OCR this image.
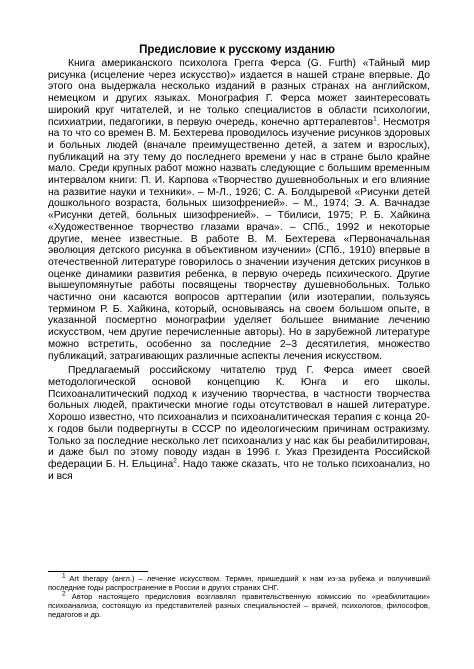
Предисловие к русскому изданию

Книга американского психолога Грегга Ферса (G. Furth) «Тайный мир рисунка (исцеление через искусство)» издается в нашей стране впервые. До этого она выдержала несколько изданий в разных странах на английском, немецком и других языках. Монография Г. Ферса может заинтересовать широкий круг читателей, и не только специалистов в области психологии, психиатрии, педагогики, в первую очередь, конечно арттерапевтов$^1$. Несмотря на то что со времен В. М. Бехтерева проводилось изучение рисунков здоровых и больных людей (вначале преимущественно детей, а затем и взрослых), публикаций на эту тему до последнего времени у нас в стране было крайне мало. Среди крупных работ можно назвать следующие с большим временным интервалом книги: П. И. Карпова «Творчество душевнобольных и его влияние на развитие науки и техники». – М-Л., 1926; С. А. Болдыревой «Рисунки детей дошкольного возраста, больных шизофренией». – М., 1974; Э. А. Вачнадзе «Рисунки детей, больных шизофренией». – Тбилиси, 1975; Р. Б. Хайкина «Художественное творчество глазами врача». – СПб., 1992 и некоторые другие, менее известные. В работе В. М. Бехтерева «Первоначальная эволюция детского рисунка в объективном изучении» (СПб., 1910) впервые в отечественной литературе говорилось о значении изучения детских рисунков в оценке динамики развития ребенка, в первую очередь психического. Другие вышеупомянутые работы посвящены творчеству душевнобольных. Только частично они касаются вопросов арттерапии (или изотерапии, пользуясь термином Р. Б. Хайкина, который, основываясь на своем большом опыте, в указанной посмертно монографии уделяет большее внимание лечению искусством, чем другие перечисленные авторы). Но в зарубежной литературе можно встретить, особенно за последние 2–3 десятилетия, множество публикаций, затрагивающих различные аспекты лечения искусством.

Предлагаемый российскому читателю труд Г. Ферса имеет своей методологической основой концепцию К. Юнга и его школы. Психоаналитический подход к изучению творчества, в частности творчества больных людей, практически многие годы отсутствовал в нашей литературе. Хорошо известно, что психоанализ и психоаналитическая терапия с конца 20-х годов были подвергнуты в СССР по идеологическим причинам остракизму. Только за последние несколько лет психоанализ у нас как бы реабилитирован, и даже был по этому поводу издан в 1996 г. Указ Президента Российской федерации Б. Н. Ельцина$^2$. Надо также сказать, что не только психоанализ, но и вся

$^1$ Art therapy (англ.) – лечение искусством. Термин, пришедший к нам из-за рубежа и получивший последние годы распространение в России и других странах СНГ.

$^2$ Автор настоящего предисловия возглавлял правительственную комиссию по «реабилитации» психоанализа, состоящую из представителей разных специальностей – врачей, психологов, философов, педагогов и др.
